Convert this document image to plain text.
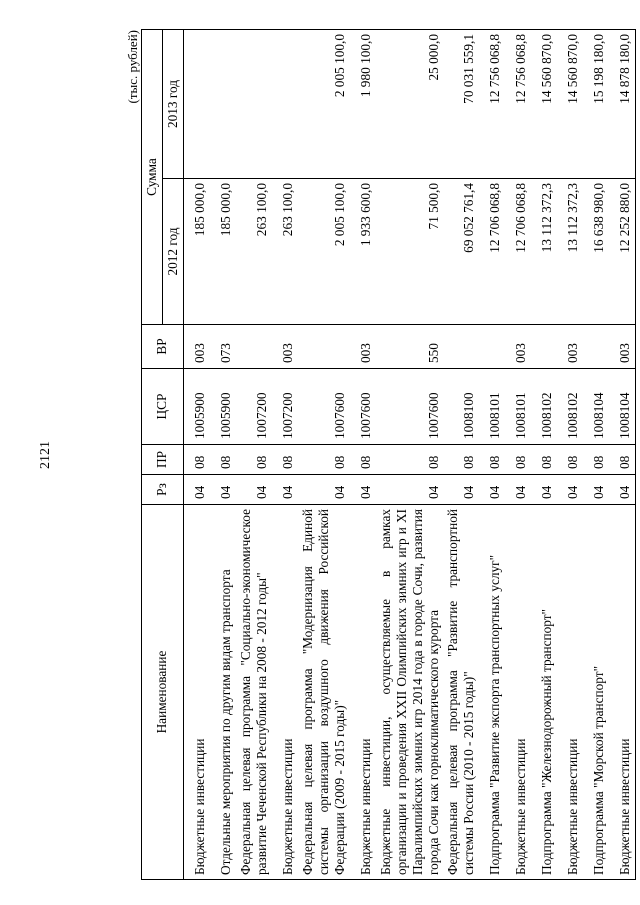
2121
(тыс. рублей)
Наименование	Рз	ПР	ЦСР	ВР	Сумма	
					2012 год	2013 год
Бюджетные инвестиции	04	08	1005900	003	185 000,0	
Отдельные мероприятия по другим видам транспорта	04	08	1005900	073	185 000,0	
Федеральная целевая программа "Социально-экономическое развитие Чеченской Республики на 2008 - 2012 годы"	04	08	1007200		263 100,0	
Бюджетные инвестиции	04	08	1007200	003	263 100,0	
Федеральная целевая программа "Модернизация Единой системы организации воздушного движения Российской Федерации (2009 - 2015 годы)"	04	08	1007600		2 005 100,0	2 005 100,0
Бюджетные инвестиции	04	08	1007600	003	1 933 600,0	1 980 100,0
Бюджетные инвестиции, осуществляемые в рамках организации и проведения XXII Олимпийских зимних игр и XI Паралимпийских зимних игр 2014 года в городе Сочи, развития города Сочи как горноклиматического курорта	04	08	1007600	550	71 500,0	25 000,0
Федеральная целевая программа "Развитие транспортной системы России (2010 - 2015 годы)"	04	08	1008100		69 052 761,4	70 031 559,1
Подпрограмма "Развитие экспорта транспортных услуг"	04	08	1008101		12 706 068,8	12 756 068,8
Бюджетные инвестиции	04	08	1008101	003	12 706 068,8	12 756 068,8
Подпрограмма "Железнодорожный транспорт"	04	08	1008102		13 112 372,3	14 560 870,0
Бюджетные инвестиции	04	08	1008102	003	13 112 372,3	14 560 870,0
Подпрограмма "Морской транспорт"	04	08	1008104		16 638 980,0	15 198 180,0
Бюджетные инвестиции	04	08	1008104	003	12 252 880,0	14 878 180,0
